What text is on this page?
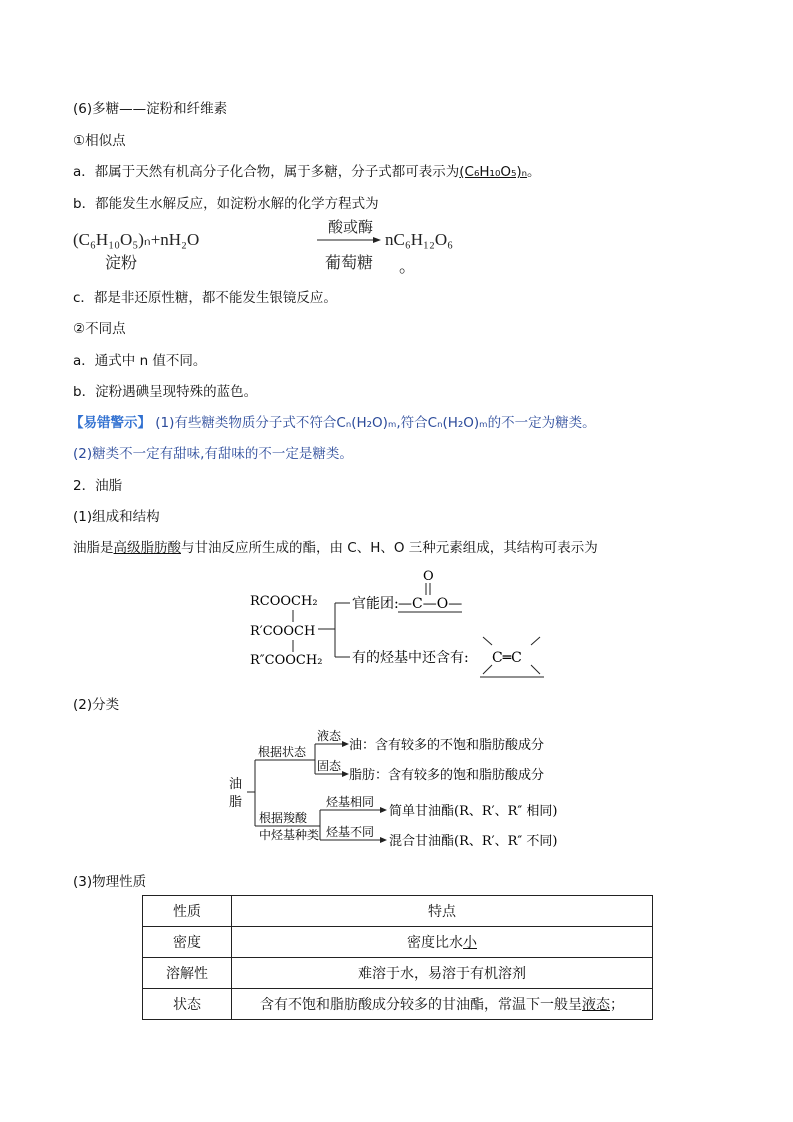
(6)多糖——淀粉和纤维素
①相似点
a．都属于天然有机高分子化合物，属于多糖，分子式都可表示为(C₆H₁₀O₅)ₙ。
b．都能发生水解反应，如淀粉水解的化学方程式为
(C₆H₁₀O₅)ₙ+nH₂O
酸或酶
nC₆H₁₂O₆
淀粉	葡萄糖 。
c．都是非还原性糖，都不能发生银镜反应。
②不同点
a．通式中 n 值不同。
b．淀粉遇碘呈现特殊的蓝色。
【易错警示】 (1)有些糖类物质分子式不符合Cₙ(H₂O)ₘ,符合Cₙ(H₂O)ₘ的不一定为糖类。
(2)糖类不一定有甜味,有甜味的不一定是糖类。
2．油脂
(1)组成和结构
油脂是高级脂肪酸与甘油反应所生成的酯，由 C、H、O 三种元素组成，其结构可表示为
RCOOCH₂
R′COOCH
R″COOCH₂
官能团:
O
—C—O—
有的烃基中还含有: C═C
(2)分类
油
脂
根据状态
液态
油：含有较多的不饱和脂肪酸成分
固态
脂肪：含有较多的饱和脂肪酸成分
根据羧酸
中烃基种类
烃基相同
简单甘油酯(R、R′、R″ 相同)
烃基不同
混合甘油酯(R、R′、R″ 不同)
(3)物理性质
性质	特点
密度	密度比水小
溶解性	难溶于水，易溶于有机溶剂
状态	含有不饱和脂肪酸成分较多的甘油酯，常温下一般呈液态；
